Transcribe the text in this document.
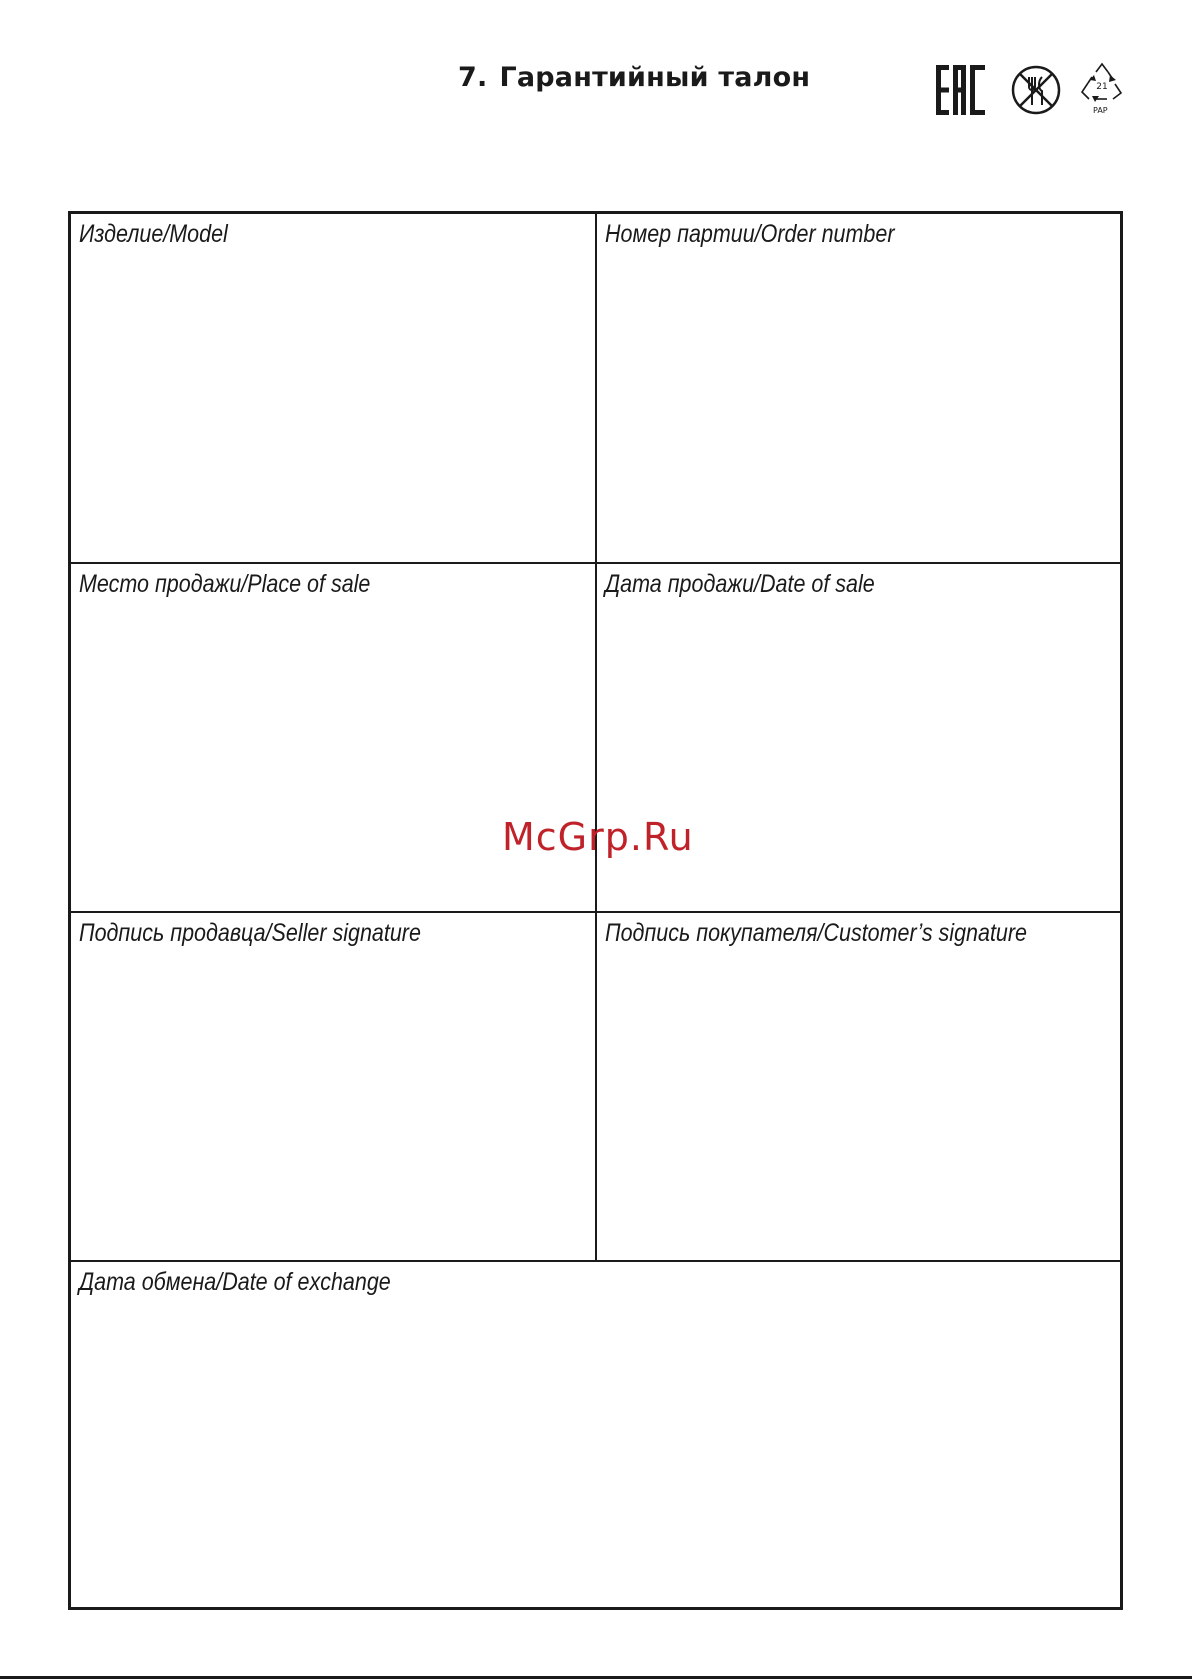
7. Гарантийный талон	21
PAP
Изделие/Model	Номер партии/Order number
Место продажи/Place of sale	Дата продажи/Date of sale
Подпись продавца/Seller signature	Подпись покупателя/Customer’s signature
Дата обмена/Date of exchange
McGrp.Ru
